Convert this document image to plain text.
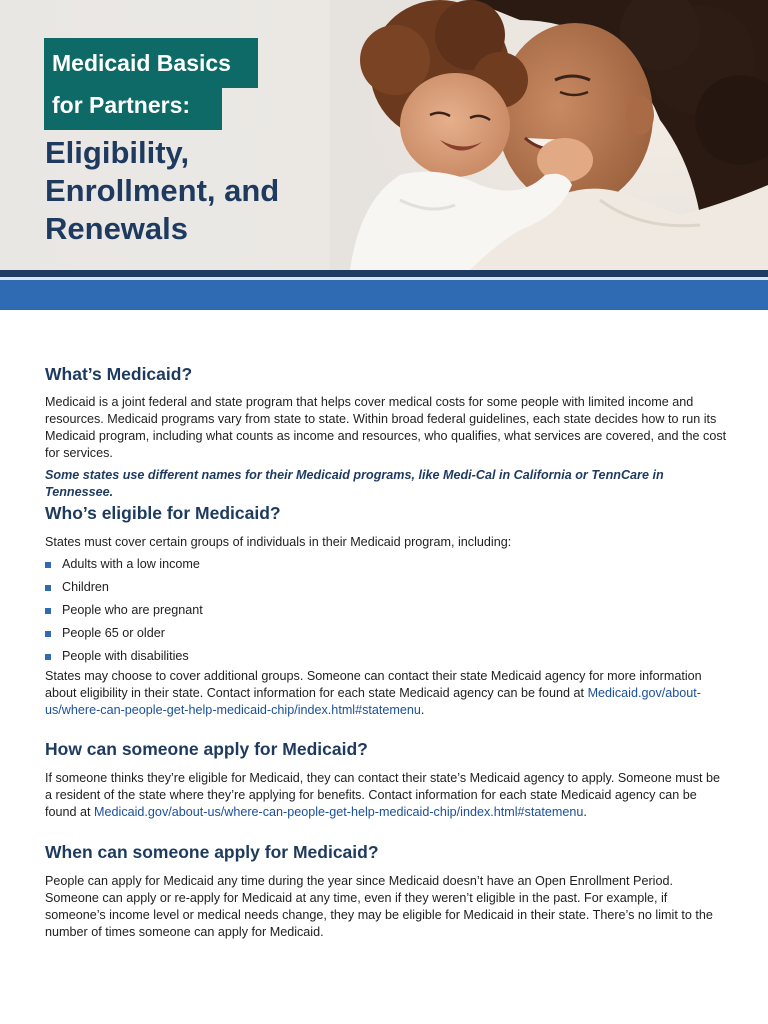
Medicaid Basics
for Partners:
Eligibility,
Enrollment, and
Renewals
What’s Medicaid?

Medicaid is a joint federal and state program that helps cover medical costs for some people with limited income and resources. Medicaid programs vary from state to state. Within broad federal guidelines, each state decides how to run its Medicaid program, including what counts as income and resources, who qualifies, what services are covered, and the cost for services.

Some states use different names for their Medicaid programs, like Medi-Cal in California or TennCare in Tennessee.

Who’s eligible for Medicaid?

States must cover certain groups of individuals in their Medicaid program, including:

Adults with a low income
Children
People who are pregnant
People 65 or older
People with disabilities

States may choose to cover additional groups. Someone can contact their state Medicaid agency for more information about eligibility in their state. Contact information for each state Medicaid agency can be found at Medicaid.gov/about-us/where-can-people-get-help-medicaid-chip/index.html#statemenu.

How can someone apply for Medicaid?

If someone thinks they’re eligible for Medicaid, they can contact their state’s Medicaid agency to apply. Someone must be a resident of the state where they’re applying for benefits. Contact information for each state Medicaid agency can be found at Medicaid.gov/about-us/where-can-people-get-help-medicaid-chip/index.html#statemenu.

When can someone apply for Medicaid?

People can apply for Medicaid any time during the year since Medicaid doesn’t have an Open Enrollment Period. Someone can apply or re-apply for Medicaid at any time, even if they weren’t eligible in the past. For example, if someone’s income level or medical needs change, they may be eligible for Medicaid in their state. There’s no limit to the number of times someone can apply for Medicaid.
